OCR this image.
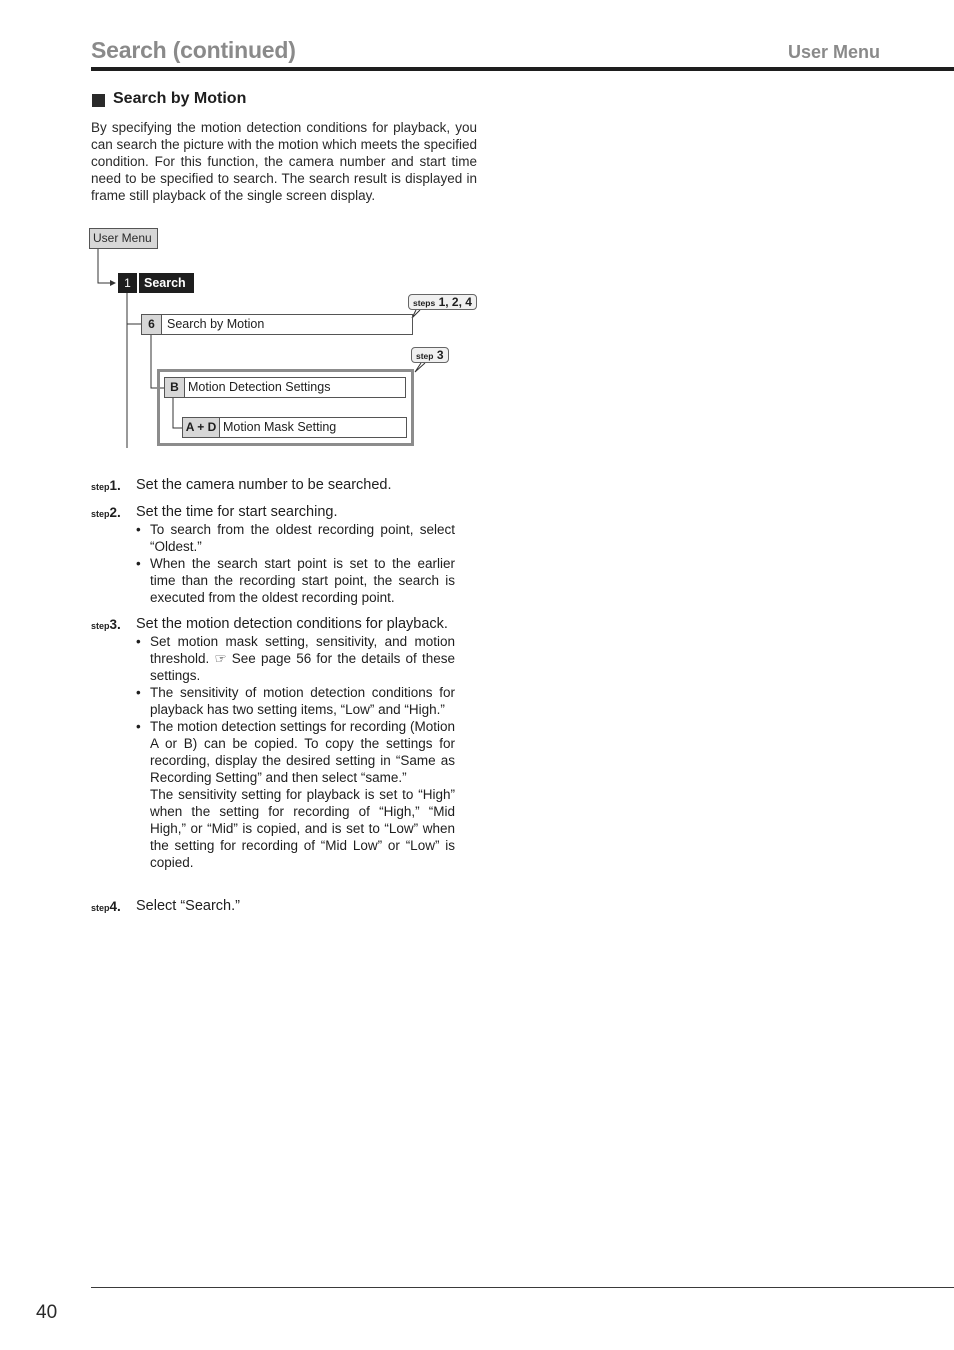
Search (continued)	User Menu
Search by Motion

By specifying the motion detection conditions for playback, you can search the picture with the motion which meets the specified condition. For this function, the camera number and start time need to be specified to search. The search result is displayed in frame still playback of the single screen display.

User Menu
1	Search
6 Search by Motion
B Motion Detection Settings
A + D Motion Mask Setting
steps 1, 2, 4
step 3
step1. Set the camera number to be searched.
step2. Set the time for start searching.
• To search from the oldest recording point, select “Oldest.”
• When the search start point is set to the earlier time than the recording start point, the search is executed from the oldest recording point.
step3. Set the motion detection conditions for playback.
• Set motion mask setting, sensitivity, and motion threshold. ☞ See page 56 for the details of these settings.
• The sensitivity of motion detection conditions for playback has two setting items, “Low” and “High.”
• The motion detection settings for recording (Motion A or B) can be copied. To copy the settings for recording, display the desired setting in “Same as Recording Setting” and then select “same.”

The sensitivity setting for playback is set to “High” when the setting for recording of “High,” “Mid High,” or “Mid” is copied, and is set to “Low” when the setting for recording of “Mid Low” or “Low” is copied.

step4. Select “Search.”
40
